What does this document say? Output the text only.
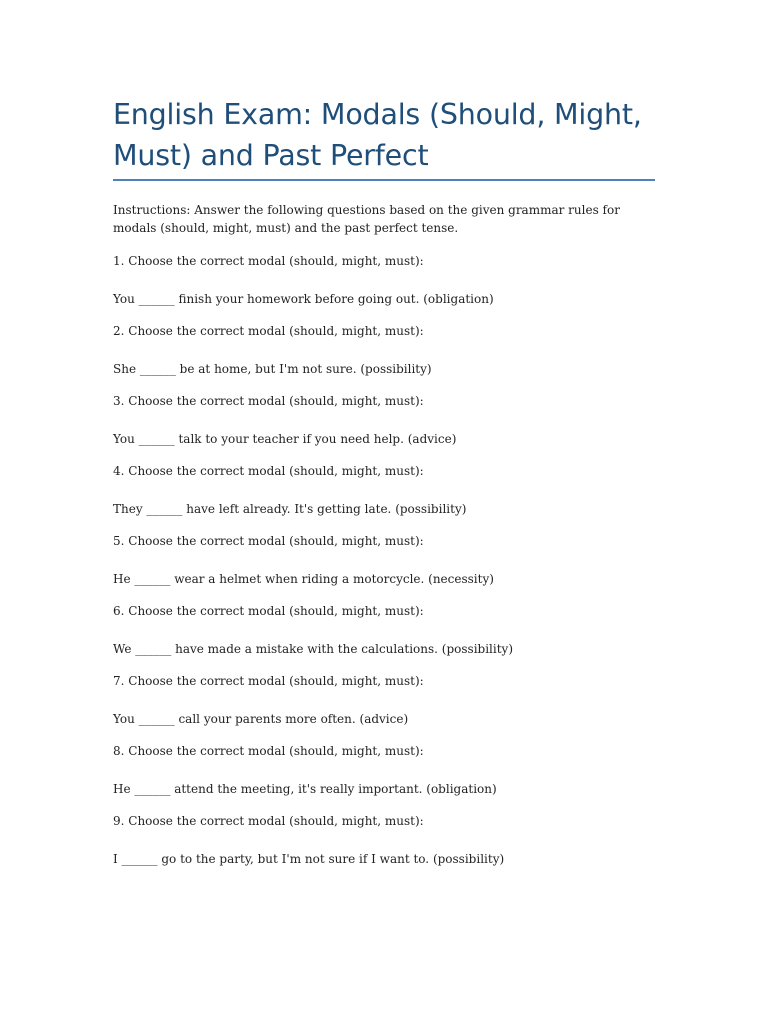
English Exam: Modals (Should, Might, Must) and Past Perfect

Instructions: Answer the following questions based on the given grammar rules for modals (should, might, must) and the past perfect tense.

1. Choose the correct modal (should, might, must):

You ______ finish your homework before going out. (obligation)

2. Choose the correct modal (should, might, must):

She ______ be at home, but I'm not sure. (possibility)

3. Choose the correct modal (should, might, must):

You ______ talk to your teacher if you need help. (advice)

4. Choose the correct modal (should, might, must):

They ______ have left already. It's getting late. (possibility)

5. Choose the correct modal (should, might, must):

He ______ wear a helmet when riding a motorcycle. (necessity)

6. Choose the correct modal (should, might, must):

We ______ have made a mistake with the calculations. (possibility)

7. Choose the correct modal (should, might, must):

You ______ call your parents more often. (advice)

8. Choose the correct modal (should, might, must):

He ______ attend the meeting, it's really important. (obligation)

9. Choose the correct modal (should, might, must):

I ______ go to the party, but I'm not sure if I want to. (possibility)
